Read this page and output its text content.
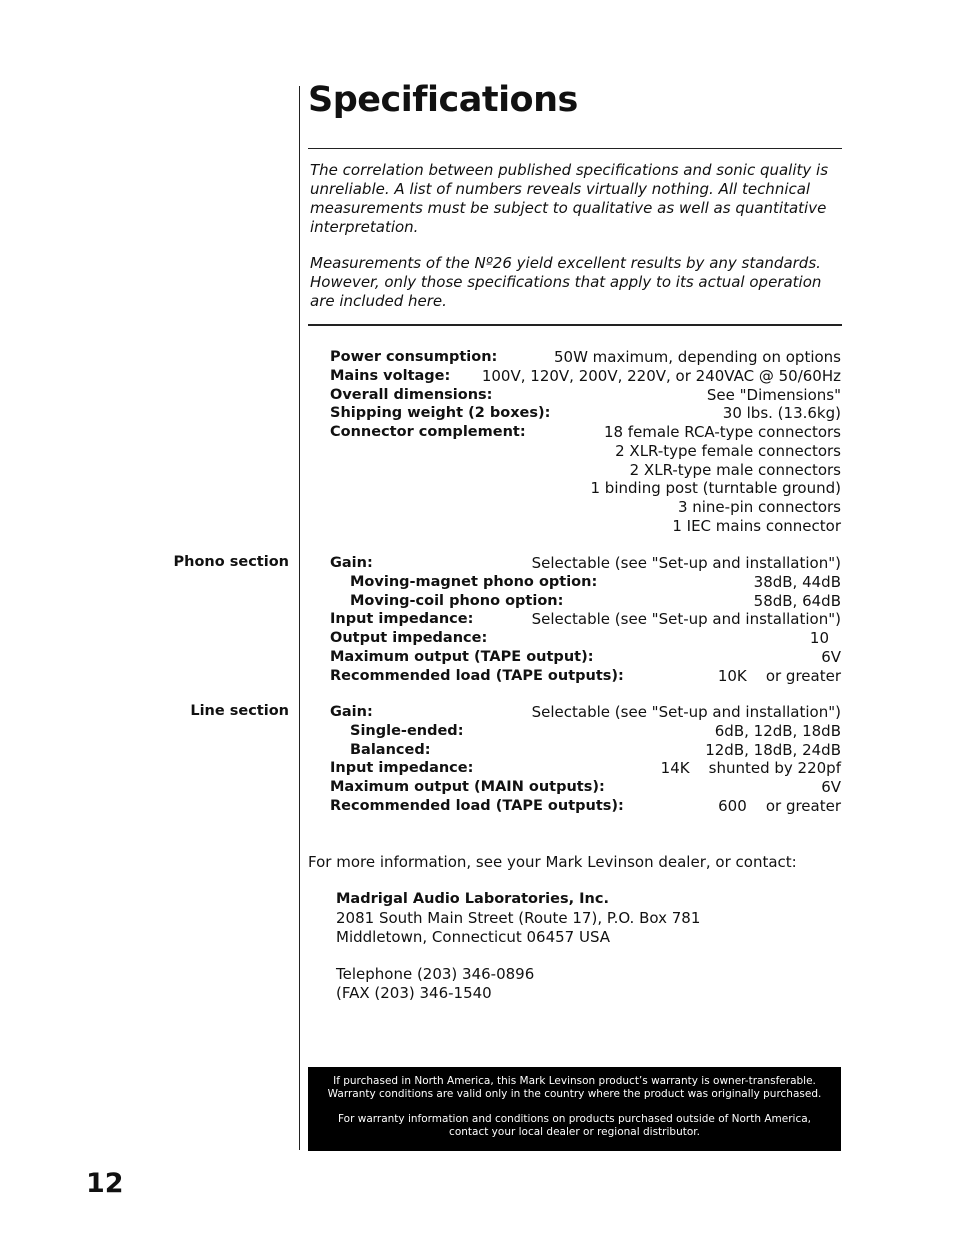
Specifications

The correlation between published specifications and sonic quality is unreliable. A list of numbers reveals virtually nothing. All technical measurements must be subject to qualitative as well as quantitative interpretation.

Measurements of the Nº26 yield excellent results by any standards. However, only those specifications that apply to its actual operation are included here.

Power consumption:	50W maximum, depending on options
Mains voltage: 100V, 120V, 200V, 220V, or 240VAC @ 50/60Hz
Overall dimensions:	See "Dimensions"
Shipping weight (2 boxes):	30 lbs. (13.6kg)
Connector complement:	18 female RCA-type connectors
2 XLR-type female connectors
2 XLR-type male connectors
1 binding post (turntable ground)
3 nine-pin connectors
1 IEC mains connector
Phono section	Gain:	Selectable (see "Set-up and installation")
Moving-magnet phono option:	38dB, 44dB
Moving-coil phono option:	58dB, 64dB
Input impedance:	Selectable (see "Set-up and installation")
Output impedance:	10
Maximum output (TAPE output):	6V
Recommended load (TAPE outputs):	10K    or greater
Line section	Gain:	Selectable (see "Set-up and installation")
Single-ended:	6dB, 12dB, 18dB
Balanced:	12dB, 18dB, 24dB
Input impedance:	14K    shunted by 220pf
Maximum output (MAIN outputs):	6V
Recommended load (TAPE outputs):	600    or greater

For more information, see your Mark Levinson dealer, or contact:

Madrigal Audio Laboratories, Inc.
2081 South Main Street (Route 17), P.O. Box 781
Middletown, Connecticut 06457 USA
Telephone (203) 346-0896
(FAX (203) 346-1540
If purchased in North America, this Mark Levinson product’s warranty is owner-transferable.
Warranty conditions are valid only in the country where the product was originally purchased.
For warranty information and conditions on products purchased outside of North America,
contact your local dealer or regional distributor.
12
